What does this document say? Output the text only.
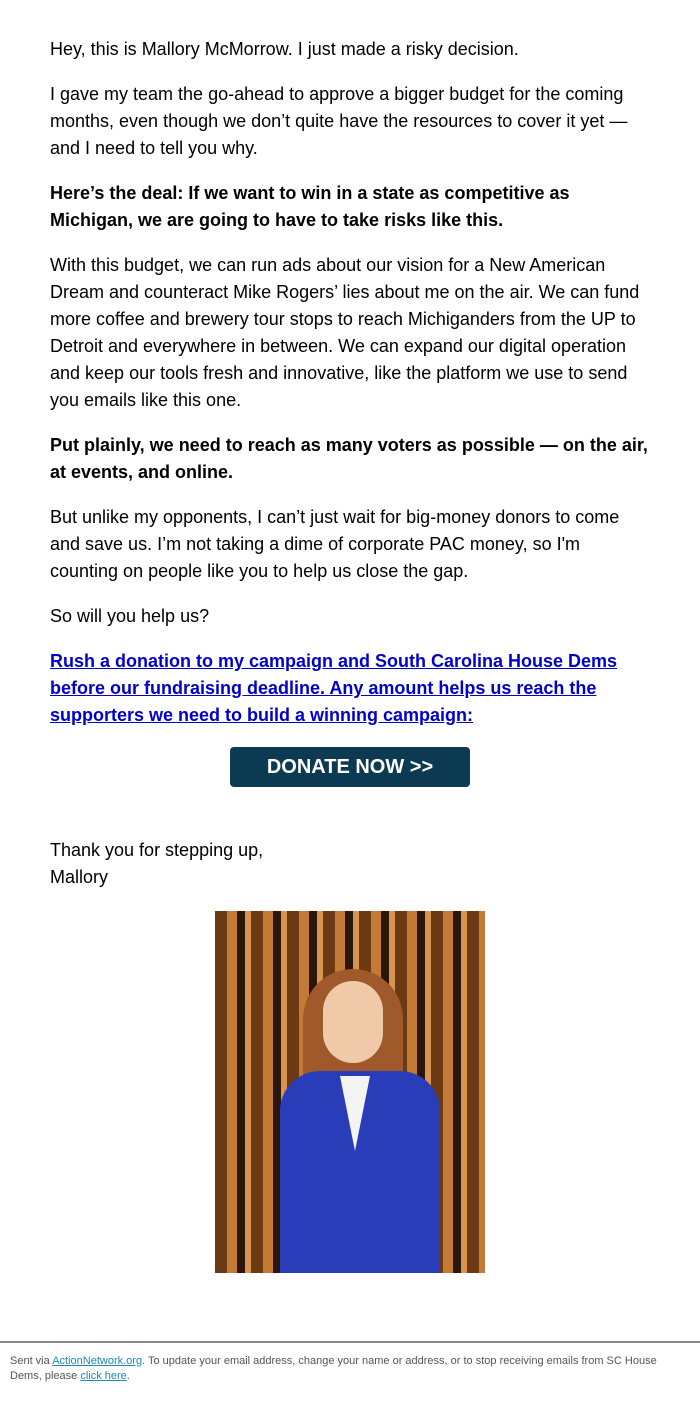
Hey, this is Mallory McMorrow. I just made a risky decision.

I gave my team the go-ahead to approve a bigger budget for the coming months, even though we don’t quite have the resources to cover it yet — and I need to tell you why.

Here’s the deal: If we want to win in a state as competitive as Michigan, we are going to have to take risks like this.

With this budget, we can run ads about our vision for a New American Dream and counteract Mike Rogers’ lies about me on the air. We can fund more coffee and brewery tour stops to reach Michiganders from the UP to Detroit and everywhere in between. We can expand our digital operation and keep our tools fresh and innovative, like the platform we use to send you emails like this one.

Put plainly, we need to reach as many voters as possible — on the air, at events, and online.

But unlike my opponents, I can’t just wait for big-money donors to come and save us. I’m not taking a dime of corporate PAC money, so I'm counting on people like you to help us close the gap.

So will you help us?

Rush a donation to my campaign and South Carolina House Dems before our fundraising deadline. Any amount helps us reach the supporters we need to build a winning campaign:

DONATE NOW >>

Thank you for stepping up,
Mallory

Sent via ActionNetwork.org. To update your email address, change your name or address, or to stop receiving emails from SC House Dems, please click here.
